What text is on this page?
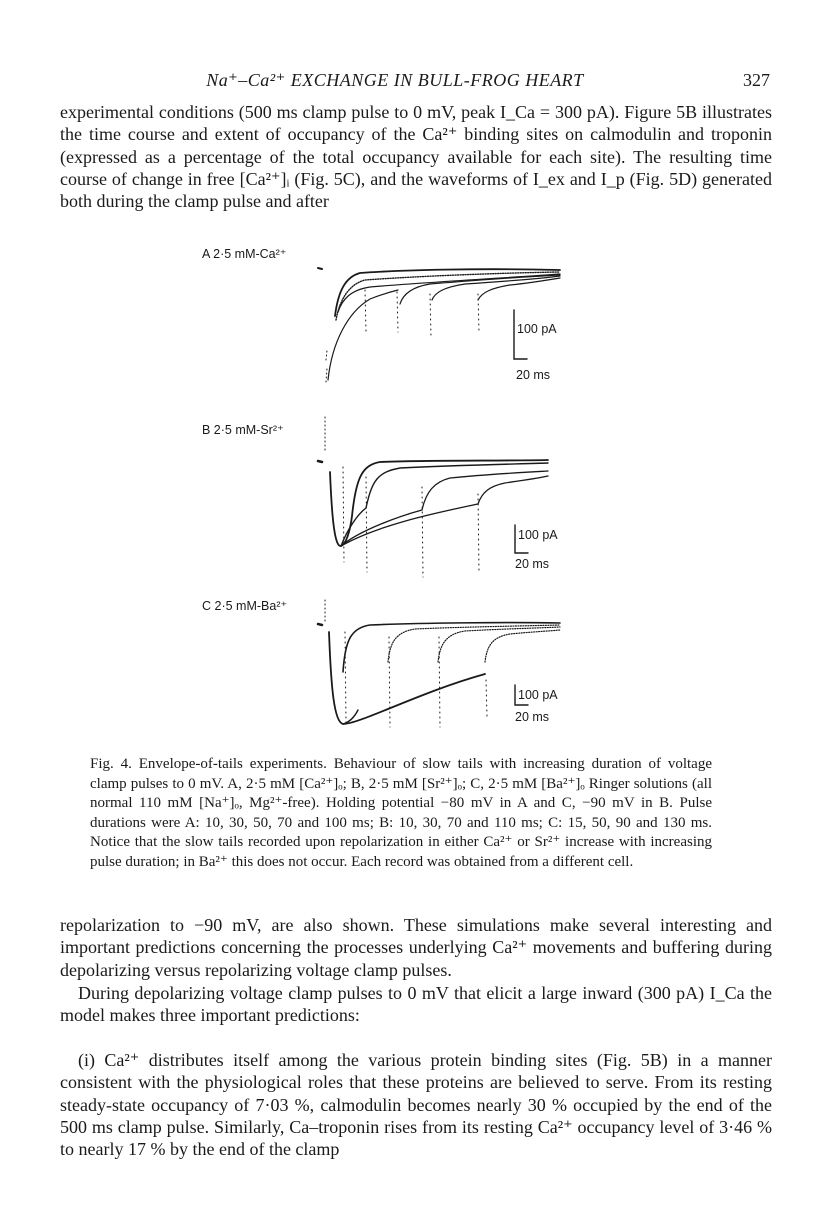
Na⁺–Ca²⁺ EXCHANGE IN BULL-FROG HEART	327

experimental conditions (500 ms clamp pulse to 0 mV, peak I_Ca = 300 pA). Figure 5B illustrates the time course and extent of occupancy of the Ca²⁺ binding sites on calmodulin and troponin (expressed as a percentage of the total occupancy available for each site). The resulting time course of change in free [Ca²⁺]ᵢ (Fig. 5C), and the waveforms of I_ex and I_p (Fig. 5D) generated both during the clamp pulse and after

A 2·5 mM-Ca²⁺
100 pA
20 ms
B 2·5 mM-Sr²⁺
100 pA
20 ms
C 2·5 mM-Ba²⁺
100 pA
20 ms

Fig. 4. Envelope-of-tails experiments. Behaviour of slow tails with increasing duration of voltage clamp pulses to 0 mV. A, 2·5 mM [Ca²⁺]ₒ; B, 2·5 mM [Sr²⁺]ₒ; C, 2·5 mM [Ba²⁺]ₒ Ringer solutions (all normal 110 mM [Na⁺]ₒ, Mg²⁺-free). Holding potential −80 mV in A and C, −90 mV in B. Pulse durations were A: 10, 30, 50, 70 and 100 ms; B: 10, 30, 70 and 110 ms; C: 15, 50, 90 and 130 ms. Notice that the slow tails recorded upon repolarization in either Ca²⁺ or Sr²⁺ increase with increasing pulse duration; in Ba²⁺ this does not occur. Each record was obtained from a different cell.

repolarization to −90 mV, are also shown. These simulations make several interesting and important predictions concerning the processes underlying Ca²⁺ movements and buffering during depolarizing versus repolarizing voltage clamp pulses.

During depolarizing voltage clamp pulses to 0 mV that elicit a large inward (300 pA) I_Ca the model makes three important predictions:

(i) Ca²⁺ distributes itself among the various protein binding sites (Fig. 5B) in a manner consistent with the physiological roles that these proteins are believed to serve. From its resting steady-state occupancy of 7·03 %, calmodulin becomes nearly 30 % occupied by the end of the 500 ms clamp pulse. Similarly, Ca–troponin rises from its resting Ca²⁺ occupancy level of 3·46 % to nearly 17 % by the end of the clamp
